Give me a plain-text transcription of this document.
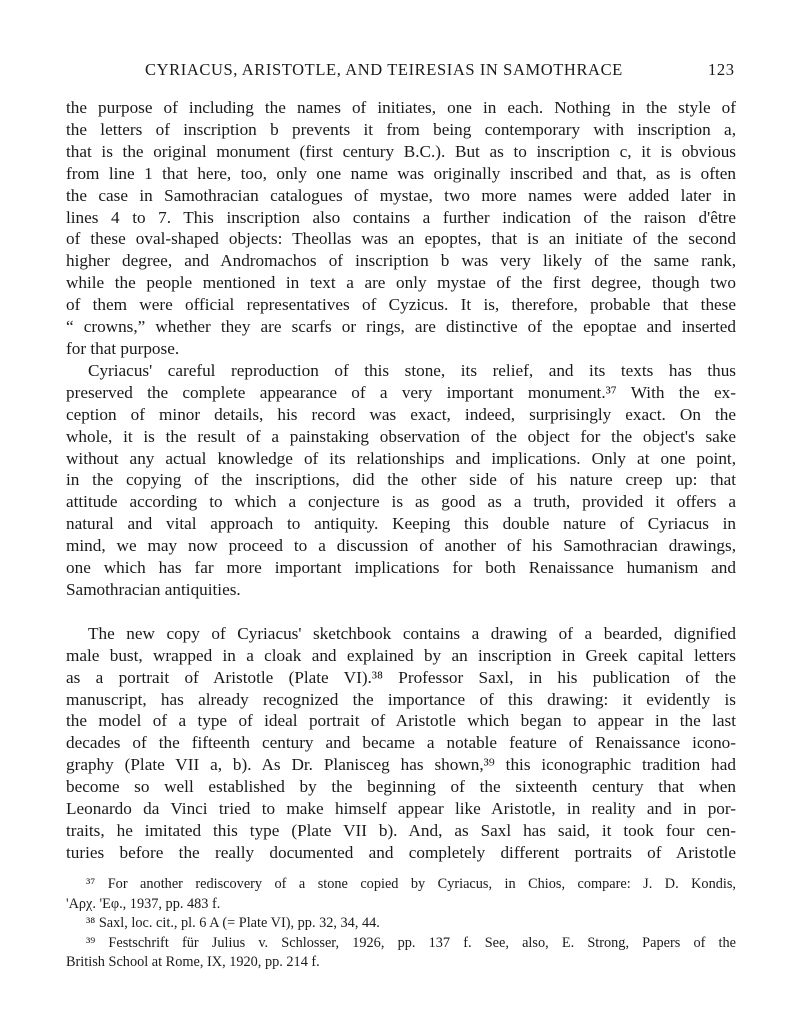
CYRIACUS, ARISTOTLE, AND TEIRESIAS IN SAMOTHRACE	123
the purpose of including the names of initiates, one in each. Nothing in the style of
the letters of inscription b prevents it from being contemporary with inscription a,
that is the original monument (first century B.C.). But as to inscription c, it is obvious
from line 1 that here, too, only one name was originally inscribed and that, as is often
the case in Samothracian catalogues of mystae, two more names were added later in
lines 4 to 7. This inscription also contains a further indication of the raison d'être
of these oval-shaped objects: Theollas was an epoptes, that is an initiate of the second
higher degree, and Andromachos of inscription b was very likely of the same rank,
while the people mentioned in text a are only mystae of the first degree, though two
of them were official representatives of Cyzicus. It is, therefore, probable that these
“ crowns,” whether they are scarfs or rings, are distinctive of the epoptae and inserted
for that purpose.
Cyriacus' careful reproduction of this stone, its relief, and its texts has thus
preserved the complete appearance of a very important monument.³⁷ With the ex-
ception of minor details, his record was exact, indeed, surprisingly exact. On the
whole, it is the result of a painstaking observation of the object for the object's sake
without any actual knowledge of its relationships and implications. Only at one point,
in the copying of the inscriptions, did the other side of his nature creep up: that
attitude according to which a conjecture is as good as a truth, provided it offers a
natural and vital approach to antiquity. Keeping this double nature of Cyriacus in
mind, we may now proceed to a discussion of another of his Samothracian drawings,
one which has far more important implications for both Renaissance humanism and
Samothracian antiquities.
The new copy of Cyriacus' sketchbook contains a drawing of a bearded, dignified
male bust, wrapped in a cloak and explained by an inscription in Greek capital letters
as a portrait of Aristotle (Plate VI).³⁸ Professor Saxl, in his publication of the
manuscript, has already recognized the importance of this drawing: it evidently is
the model of a type of ideal portrait of Aristotle which began to appear in the last
decades of the fifteenth century and became a notable feature of Renaissance icono-
graphy (Plate VII a, b). As Dr. Planisceg has shown,³⁹ this iconographic tradition had
become so well established by the beginning of the sixteenth century that when
Leonardo da Vinci tried to make himself appear like Aristotle, in reality and in por-
traits, he imitated this type (Plate VII b). And, as Saxl has said, it took four cen-
turies before the really documented and completely different portraits of Aristotle
³⁷ For another rediscovery of a stone copied by Cyriacus, in Chios, compare: J. D. Kondis,
'Αρχ. 'Εφ., 1937, pp. 483 f.
³⁸ Saxl, loc. cit., pl. 6 A (= Plate VI), pp. 32, 34, 44.
³⁹ Festschrift für Julius v. Schlosser, 1926, pp. 137 f. See, also, E. Strong, Papers of the
British School at Rome, IX, 1920, pp. 214 f.
